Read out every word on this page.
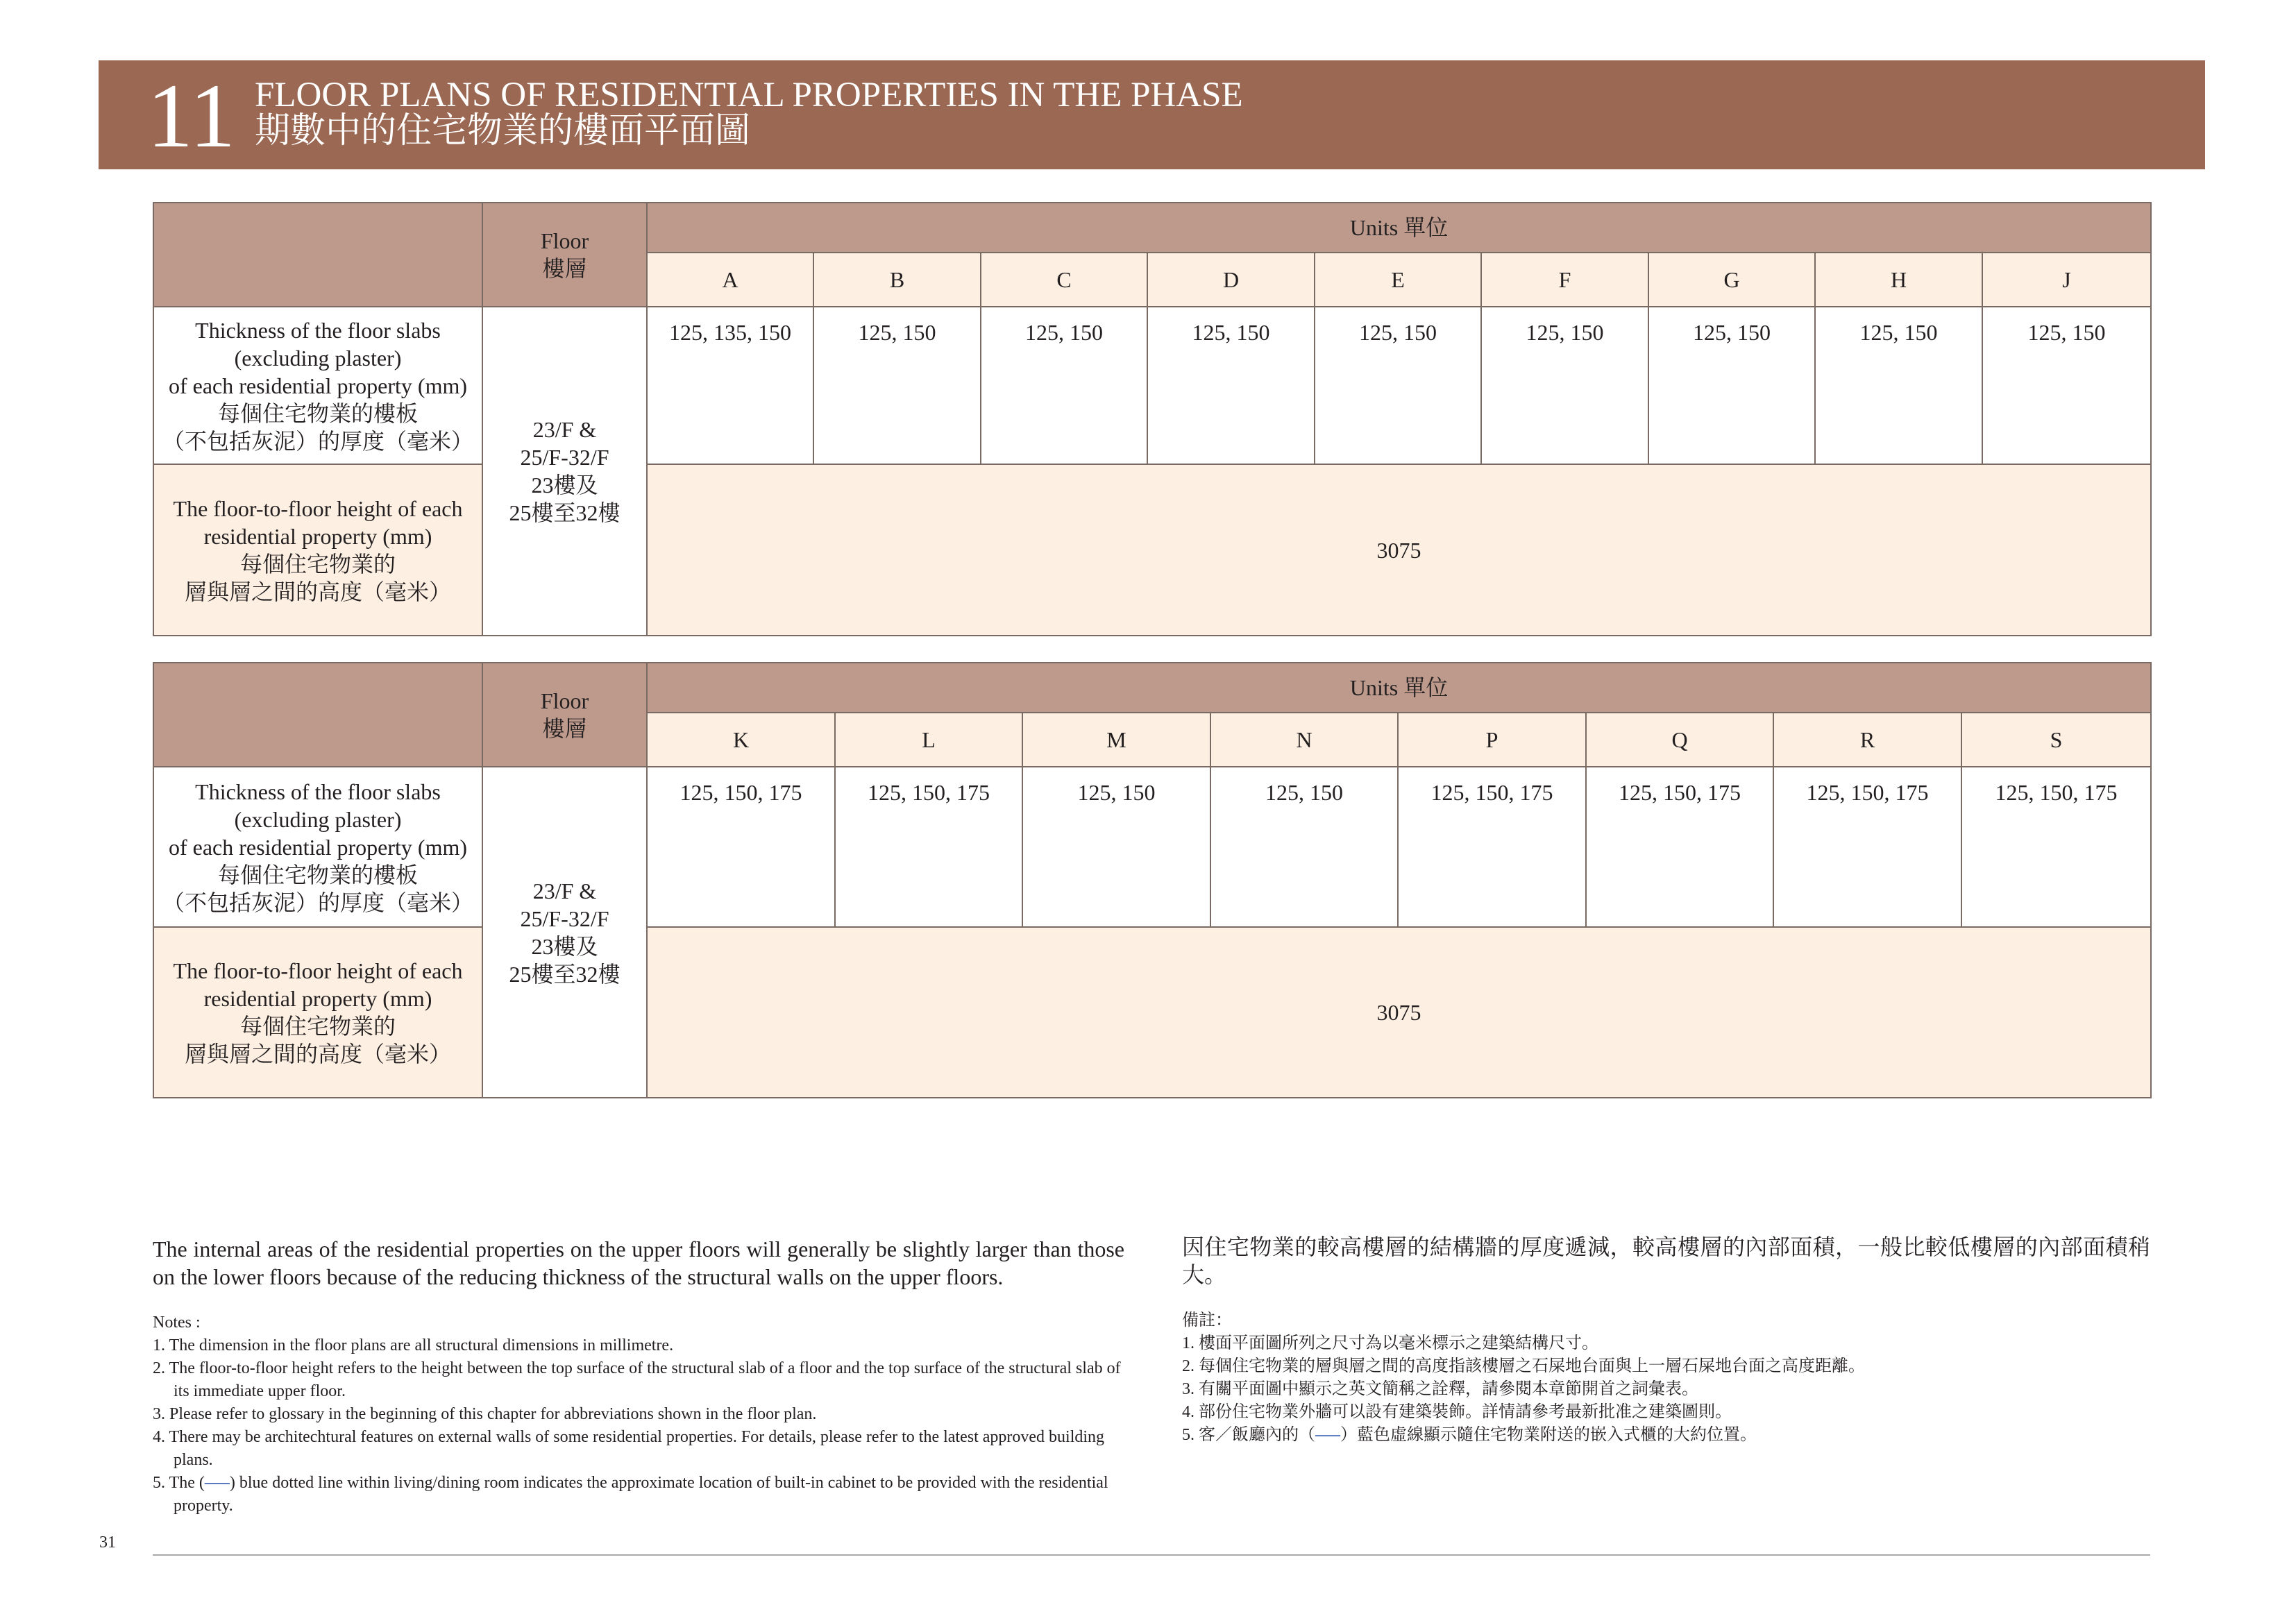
11 FLOOR PLANS OF RESIDENTIAL PROPERTIES IN THE PHASE
期數中的住宅物業的樓面平面圖

	Floor
樓層	Units 單位								
		A	B	C	D	E	F	G	H	J

Thickness of the floor slabs
(excluding plaster)
of each residential property (mm)
每個住宅物業的樓板
（不包括灰泥）的厚度（毫米）	23/F &
25/F-32/F
23樓及
25樓至32樓	125, 135, 150	125, 150	125, 150	125, 150	125, 150	125, 150	125, 150	125, 150	125, 150

The floor-to-floor height of each
residential property (mm)
每個住宅物業的
層與層之間的高度（毫米）		3075								

	Floor
樓層	Units 單位							
		K	L	M	N	P	Q	R	S

Thickness of the floor slabs
(excluding plaster)
of each residential property (mm)
每個住宅物業的樓板
（不包括灰泥）的厚度（毫米）	23/F &
25/F-32/F
23樓及
25樓至32樓	125, 150, 175	125, 150, 175	125, 150	125, 150	125, 150, 175	125, 150, 175	125, 150, 175	125, 150, 175

The floor-to-floor height of each
residential property (mm)
每個住宅物業的
層與層之間的高度（毫米）		3075							
The internal areas of the residential properties on the upper floors will generally be slightly larger than those on the lower floors because of the reducing thickness of the structural walls on the upper floors.
因住宅物業的較高樓層的結構牆的厚度遞減，較高樓層的內部面積，一般比較低樓層的內部面積稍大。
Notes :
1. The dimension in the floor plans are all structural dimensions in millimetre.
2. The floor-to-floor height refers to the height between the top surface of the structural slab of a floor and the top surface of the structural slab of its immediate upper floor.
3. Please refer to glossary in the beginning of this chapter for abbreviations shown in the floor plan.
4. There may be architechtural features on external walls of some residential properties. For details, please refer to the latest approved building plans.
5. The (‒‒‒) blue dotted line within living/dining room indicates the approximate location of built-in cabinet to be provided with the residential property.
備註：
1. 樓面平面圖所列之尺寸為以毫米標示之建築結構尺寸。
2. 每個住宅物業的層與層之間的高度指該樓層之石屎地台面與上一層石屎地台面之高度距離。
3. 有關平面圖中顯示之英文簡稱之詮釋，請參閱本章節開首之詞彙表。
4. 部份住宅物業外牆可以設有建築裝飾。詳情請參考最新批准之建築圖則。
5. 客／飯廳內的（‒‒‒）藍色虛線顯示隨住宅物業附送的嵌入式櫃的大約位置。
31
